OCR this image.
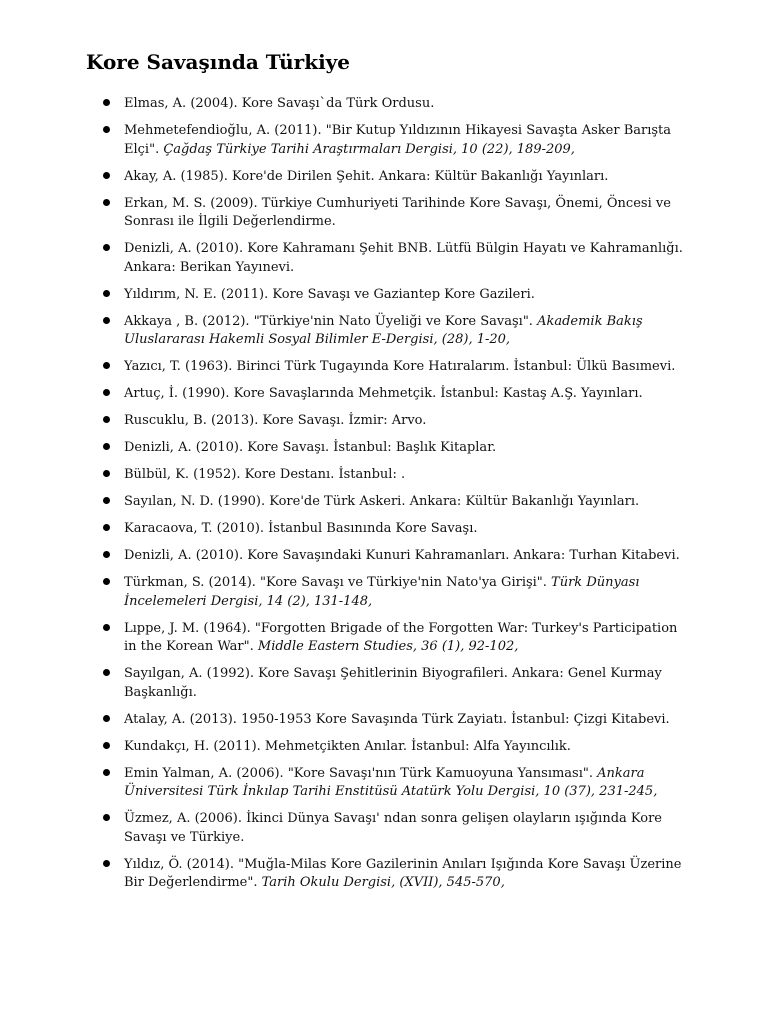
Kore Savaşında Türkiye
Elmas, A. (2004). Kore Savaşı`da Türk Ordusu.
Mehmetefendioğlu, A. (2011). "Bir Kutup Yıldızının Hikayesi Savaşta Asker Barışta Elçi". Çağdaş Türkiye Tarihi Araştırmaları Dergisi, 10 (22), 189-209,
Akay, A. (1985). Kore'de Dirilen Şehit. Ankara: Kültür Bakanlığı Yayınları.
Erkan, M. S. (2009). Türkiye Cumhuriyeti Tarihinde Kore Savaşı, Önemi, Öncesi ve Sonrası ile İlgili Değerlendirme.
Denizli, A. (2010). Kore Kahramanı Şehit BNB. Lütfü Bülgin Hayatı ve Kahramanlığı. Ankara: Berikan Yayınevi.
Yıldırım, N. E. (2011). Kore Savaşı ve Gaziantep Kore Gazileri.
Akkaya , B. (2012). "Türkiye'nin Nato Üyeliği ve Kore Savaşı". Akademik Bakış Uluslararası Hakemli Sosyal Bilimler E-Dergisi, (28), 1-20,
Yazıcı, T. (1963). Birinci Türk Tugayında Kore Hatıralarım. İstanbul: Ülkü Basımevi.
Artuç, İ. (1990). Kore Savaşlarında Mehmetçik. İstanbul: Kastaş A.Ş. Yayınları.
Ruscuklu, B. (2013). Kore Savaşı. İzmir: Arvo.
Denizli, A. (2010). Kore Savaşı. İstanbul: Başlık Kitaplar.
Bülbül, K. (1952). Kore Destanı. İstanbul: .
Sayılan, N. D. (1990). Kore'de Türk Askeri. Ankara: Kültür Bakanlığı Yayınları.
Karacaova, T. (2010). İstanbul Basınında Kore Savaşı.
Denizli, A. (2010). Kore Savaşındaki Kunuri Kahramanları. Ankara: Turhan Kitabevi.
Türkman, S. (2014). "Kore Savaşı ve Türkiye'nin Nato'ya Girişi". Türk Dünyası İncelemeleri Dergisi, 14 (2), 131-148,
Lıppe, J. M. (1964). "Forgotten Brigade of the Forgotten War: Turkey's Participation in the Korean War". Middle Eastern Studies, 36 (1), 92-102,
Sayılgan, A. (1992). Kore Savaşı Şehitlerinin Biyografileri. Ankara: Genel Kurmay Başkanlığı.
Atalay, A. (2013). 1950-1953 Kore Savaşında Türk Zayiatı. İstanbul: Çizgi Kitabevi.
Kundakçı, H. (2011). Mehmetçikten Anılar. İstanbul: Alfa Yayıncılık.
Emin Yalman, A. (2006). "Kore Savaşı'nın Türk Kamuoyuna Yansıması". Ankara Üniversitesi Türk İnkılap Tarihi Enstitüsü Atatürk Yolu Dergisi, 10 (37), 231-245,
Üzmez, A. (2006). İkinci Dünya Savaşı' ndan sonra gelişen olayların ışığında Kore Savaşı ve Türkiye.
Yıldız, Ö. (2014). "Muğla-Milas Kore Gazilerinin Anıları Işığında Kore Savaşı Üzerine Bir Değerlendirme". Tarih Okulu Dergisi, (XVII), 545-570,
